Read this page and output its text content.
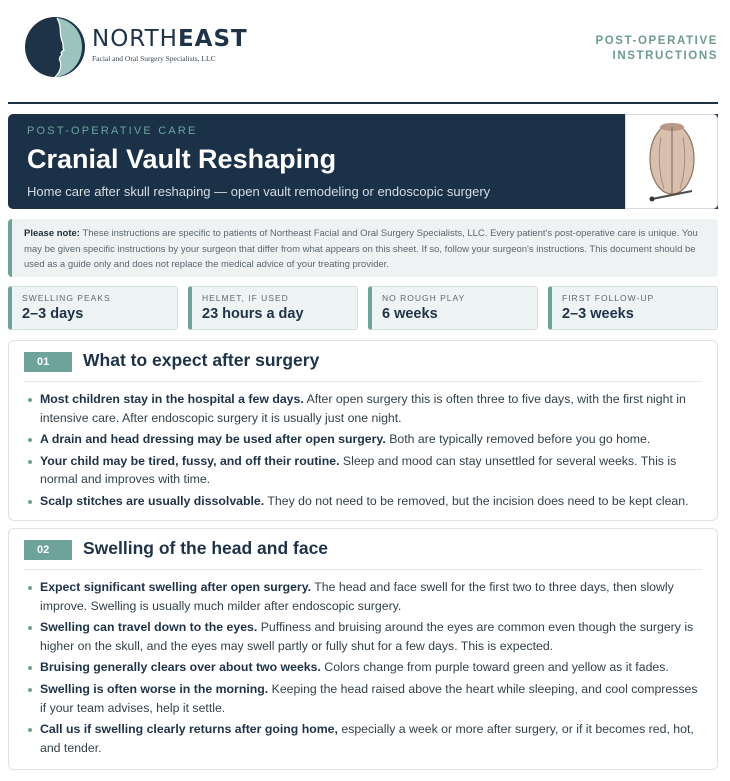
NORTHEAST
Facial and Oral Surgery Specialists, LLC
POST-OPERATIVE
INSTRUCTIONS
POST-OPERATIVE CARE
Cranial Vault Reshaping
Home care after skull reshaping — open vault remodeling or endoscopic surgery
Please note: These instructions are specific to patients of Northeast Facial and Oral Surgery Specialists, LLC. Every patient's post-operative care is unique. You may be given specific instructions by your surgeon that differ from what appears on this sheet. If so, follow your surgeon's instructions. This document should be used as a guide only and does not replace the medical advice of your treating provider.
SWELLING PEAKS
2–3 days
HELMET, IF USED
23 hours a day
NO ROUGH PLAY
6 weeks
FIRST FOLLOW-UP
2–3 weeks
01	What to expect after surgery
Most children stay in the hospital a few days. After open surgery this is often three to five days, with the first night in intensive care. After endoscopic surgery it is usually just one night.
A drain and head dressing may be used after open surgery. Both are typically removed before you go home.
Your child may be tired, fussy, and off their routine. Sleep and mood can stay unsettled for several weeks. This is normal and improves with time.
Scalp stitches are usually dissolvable. They do not need to be removed, but the incision does need to be kept clean.
02	Swelling of the head and face
Expect significant swelling after open surgery. The head and face swell for the first two to three days, then slowly improve. Swelling is usually much milder after endoscopic surgery.
Swelling can travel down to the eyes. Puffiness and bruising around the eyes are common even though the surgery is higher on the skull, and the eyes may swell partly or fully shut for a few days. This is expected.
Bruising generally clears over about two weeks. Colors change from purple toward green and yellow as it fades.
Swelling is often worse in the morning. Keeping the head raised above the heart while sleeping, and cool compresses if your team advises, help it settle.
Call us if swelling clearly returns after going home, especially a week or more after surgery, or if it becomes red, hot, and tender.
